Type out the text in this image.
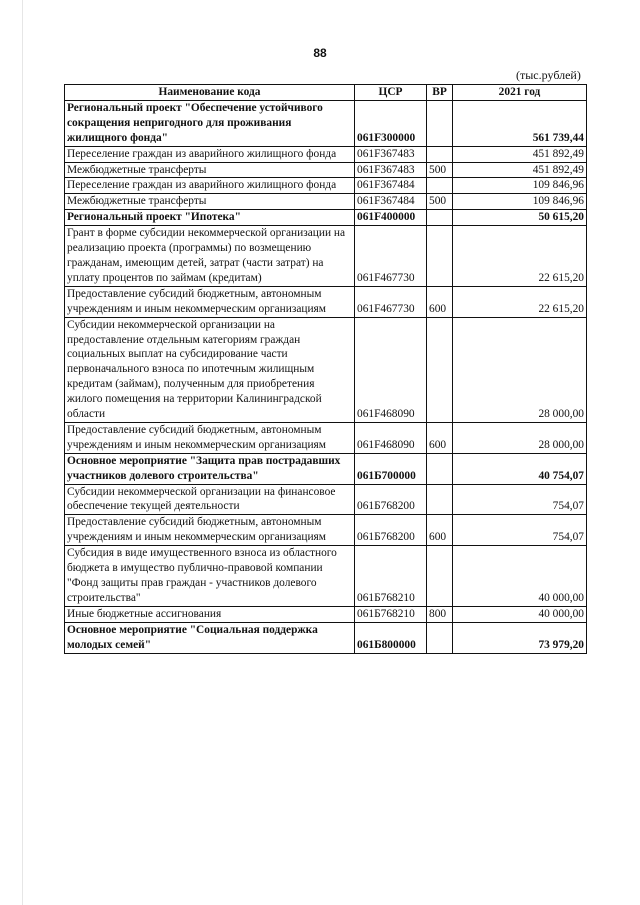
88
(тыс.рублей)
Наименование кода	ЦСР	ВР	2021 год
Региональный проект "Обеспечение устойчивого сокращения непригодного для проживания жилищного фонда"	061F300000		561 739,44
Переселение граждан из аварийного жилищного фонда	061F367483		451 892,49
Межбюджетные трансферты	061F367483	500	451 892,49
Переселение граждан из аварийного жилищного фонда	061F367484		109 846,96
Межбюджетные трансферты	061F367484	500	109 846,96
Региональный проект "Ипотека"	061F400000		50 615,20
Грант в форме субсидии некоммерческой организации на реализацию проекта (программы) по возмещению гражданам, имеющим детей, затрат (части затрат) на уплату процентов по займам (кредитам)	061F467730		22 615,20
Предоставление субсидий бюджетным, автономным учреждениям и иным некоммерческим организациям	061F467730	600	22 615,20
Субсидии некоммерческой организации на предоставление отдельным категориям граждан социальных выплат на субсидирование части первоначального взноса по ипотечным жилищным кредитам (займам), полученным для приобретения жилого помещения на территории Калининградской области	061F468090		28 000,00
Предоставление субсидий бюджетным, автономным учреждениям и иным некоммерческим организациям	061F468090	600	28 000,00
Основное мероприятие "Защита прав пострадавших участников долевого строительства"	061Б700000		40 754,07
Субсидии некоммерческой организации на финансовое обеспечение текущей деятельности	061Б768200		754,07
Предоставление субсидий бюджетным, автономным учреждениям и иным некоммерческим организациям	061Б768200	600	754,07
Субсидия в виде имущественного взноса из областного бюджета в имущество публично-правовой компании "Фонд защиты прав граждан - участников долевого строительства"	061Б768210		40 000,00
Иные бюджетные ассигнования	061Б768210	800	40 000,00
Основное мероприятие "Социальная поддержка молодых семей"	061Б800000		73 979,20
